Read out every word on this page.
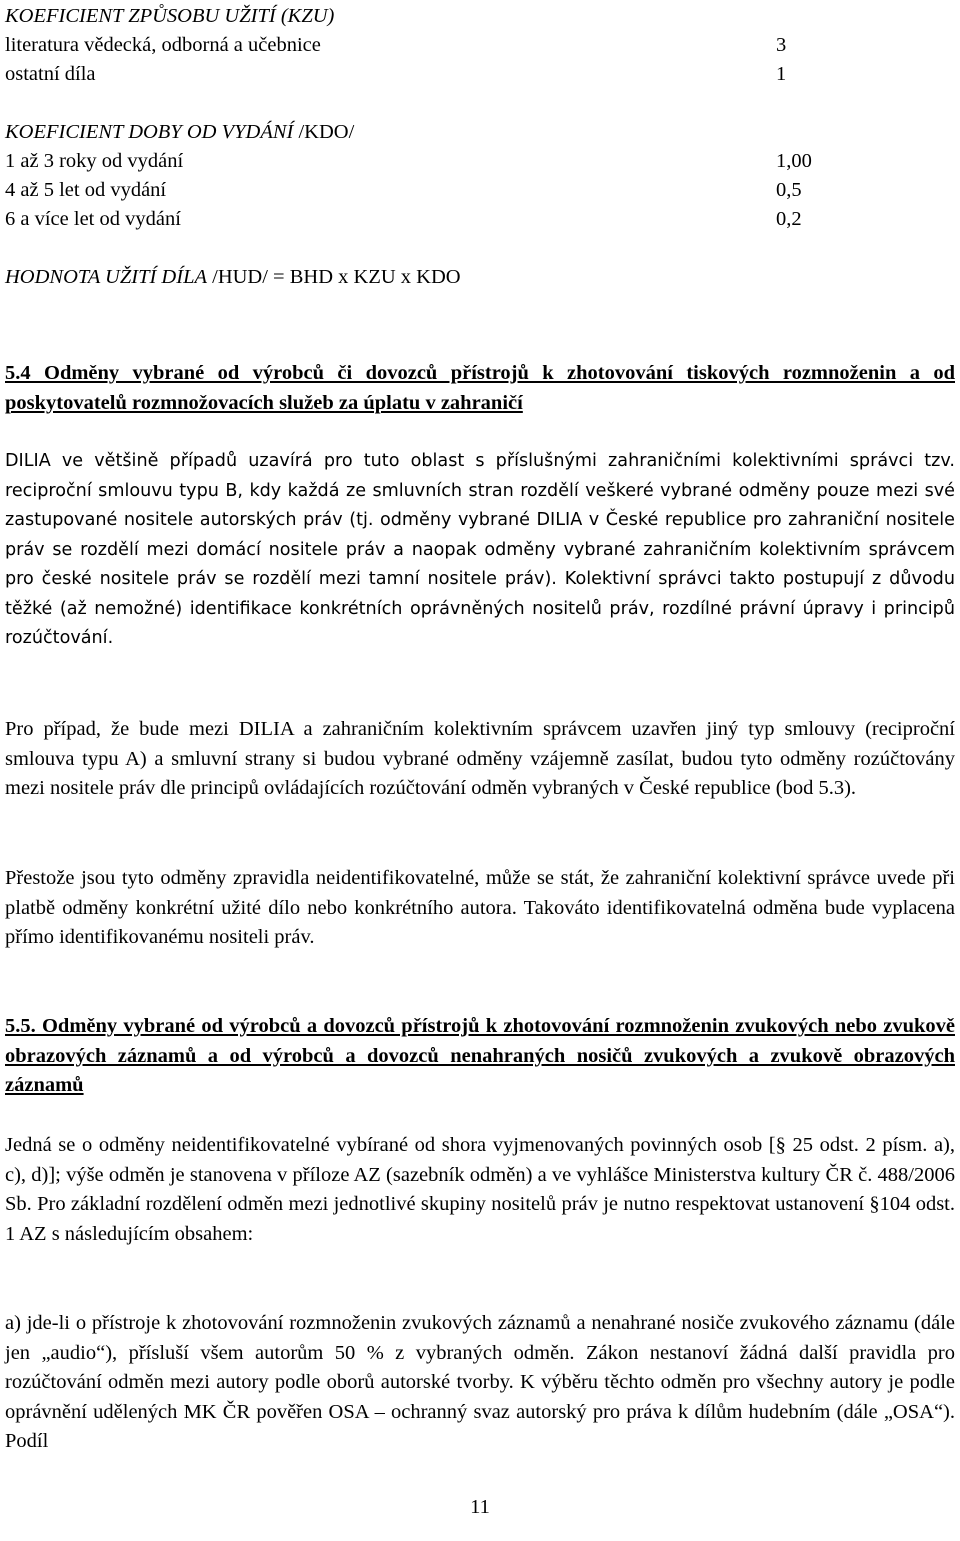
KOEFICIENT ZPŮSOBU UŽITÍ (KZU)
literatura vědecká, odborná a učebnice	3
ostatní díla	1
KOEFICIENT DOBY OD VYDÁNÍ /KDO/
1 až 3 roky od vydání	1,00
4 až 5 let od vydání	0,5
6 a více let od vydání	0,2
HODNOTA UŽITÍ DÍLA /HUD/ = BHD x KZU x KDO

5.4 Odměny vybrané od výrobců či dovozců přístrojů k zhotovování tiskových rozmnoženin a od poskytovatelů rozmnožovacích služeb za úplatu v zahraničí

DILIA ve většině případů uzavírá pro tuto oblast s příslušnými zahraničními kolektivními správci tzv. reciproční smlouvu typu B, kdy každá ze smluvních stran rozdělí veškeré vybrané odměny pouze mezi své zastupované nositele autorských práv (tj. odměny vybrané DILIA v České republice pro zahraniční nositele práv se rozdělí mezi domácí nositele práv a naopak odměny vybrané zahraničním kolektivním správcem pro české nositele práv se rozdělí mezi tamní nositele práv). Kolektivní správci takto postupují z důvodu těžké (až nemožné) identifikace konkrétních oprávněných nositelů práv, rozdílné právní úpravy i principů rozúčtování.

Pro případ, že bude mezi DILIA a zahraničním kolektivním správcem uzavřen jiný typ smlouvy (reciproční smlouva typu A) a smluvní strany si budou vybrané odměny vzájemně zasílat, budou tyto odměny rozúčtovány mezi nositele práv dle principů ovládajících rozúčtování odměn vybraných v České republice (bod 5.3).

Přestože jsou tyto odměny zpravidla neidentifikovatelné, může se stát, že zahraniční kolektivní správce uvede při platbě odměny konkrétní užité dílo nebo konkrétního autora. Takováto identifikovatelná odměna bude vyplacena přímo identifikovanému nositeli práv.

5.5. Odměny vybrané od výrobců a dovozců přístrojů k zhotovování rozmnoženin zvukových nebo zvukově obrazových záznamů a od výrobců a dovozců nenahraných nosičů zvukových a zvukově obrazových záznamů

Jedná se o odměny neidentifikovatelné vybírané od shora vyjmenovaných povinných osob [§ 25 odst. 2 písm. a), c), d)]; výše odměn je stanovena v příloze AZ (sazebník odměn) a ve vyhlášce Ministerstva kultury ČR č. 488/2006 Sb. Pro základní rozdělení odměn mezi jednotlivé skupiny nositelů práv je nutno respektovat ustanovení §104 odst. 1 AZ s následujícím obsahem:

a) jde-li o přístroje k zhotovování rozmnoženin zvukových záznamů a nenahrané nosiče zvukového záznamu (dále jen „audio“), přísluší všem autorům 50 % z vybraných odměn. Zákon nestanoví žádná další pravidla pro rozúčtování odměn mezi autory podle oborů autorské tvorby. K výběru těchto odměn pro všechny autory je podle oprávnění udělených MK ČR pověřen OSA – ochranný svaz autorský pro práva k dílům hudebním (dále „OSA“). Podíl

11
